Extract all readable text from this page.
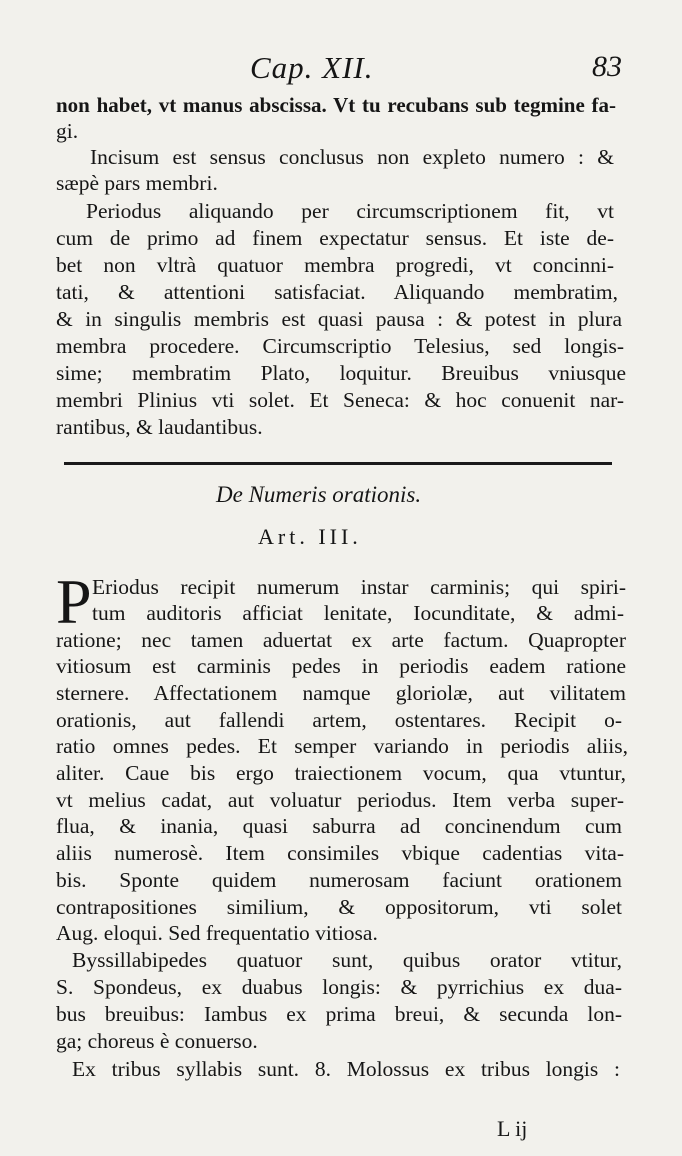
Cap. XII.	83
non habet, vt manus abscissa. Vt tu recubans sub tegmine fa-
gi.
Incisum est sensus conclusus non expleto numero : &
sæpè pars membri.
Periodus aliquando per circumscriptionem fit, vt
cum de primo ad finem expectatur sensus. Et iste de-
bet non vltrà quatuor membra progredi, vt concinni-
tati, & attentioni satisfaciat. Aliquando membratim,
& in singulis membris est quasi pausa : & potest in plura
membra procedere. Circumscriptio Telesius, sed longis-
sime; membratim Plato, loquitur. Breuibus vniusque
membri Plinius vti solet. Et Seneca: & hoc conuenit nar-
rantibus, & laudantibus.
De Numeris orationis.
Art. III.
P Eriodus recipit numerum instar carminis; qui spiri-
tum auditoris afficiat lenitate, Iocunditate, & admi-
ratione; nec tamen aduertat ex arte factum. Quapropter
vitiosum est carminis pedes in periodis eadem ratione
sternere. Affectationem namque gloriolæ, aut vilitatem
orationis, aut fallendi artem, ostentares. Recipit o-
ratio omnes pedes. Et semper variando in periodis aliis,
aliter. Caue bis ergo traiectionem vocum, qua vtuntur,
vt melius cadat, aut voluatur periodus. Item verba super-
flua, & inania, quasi saburra ad concinendum cum
aliis numerosè. Item consimiles vbique cadentias vita-
bis. Sponte quidem numerosam faciunt orationem
contrapositiones similium, & oppositorum, vti solet
Aug. eloqui. Sed frequentatio vitiosa.
Byssillabipedes quatuor sunt, quibus orator vtitur,
S. Spondeus, ex duabus longis: & pyrrichius ex dua-
bus breuibus: Iambus ex prima breui, & secunda lon-
ga; choreus è conuerso.
Ex tribus syllabis sunt. 8. Molossus ex tribus longis :
L ij
